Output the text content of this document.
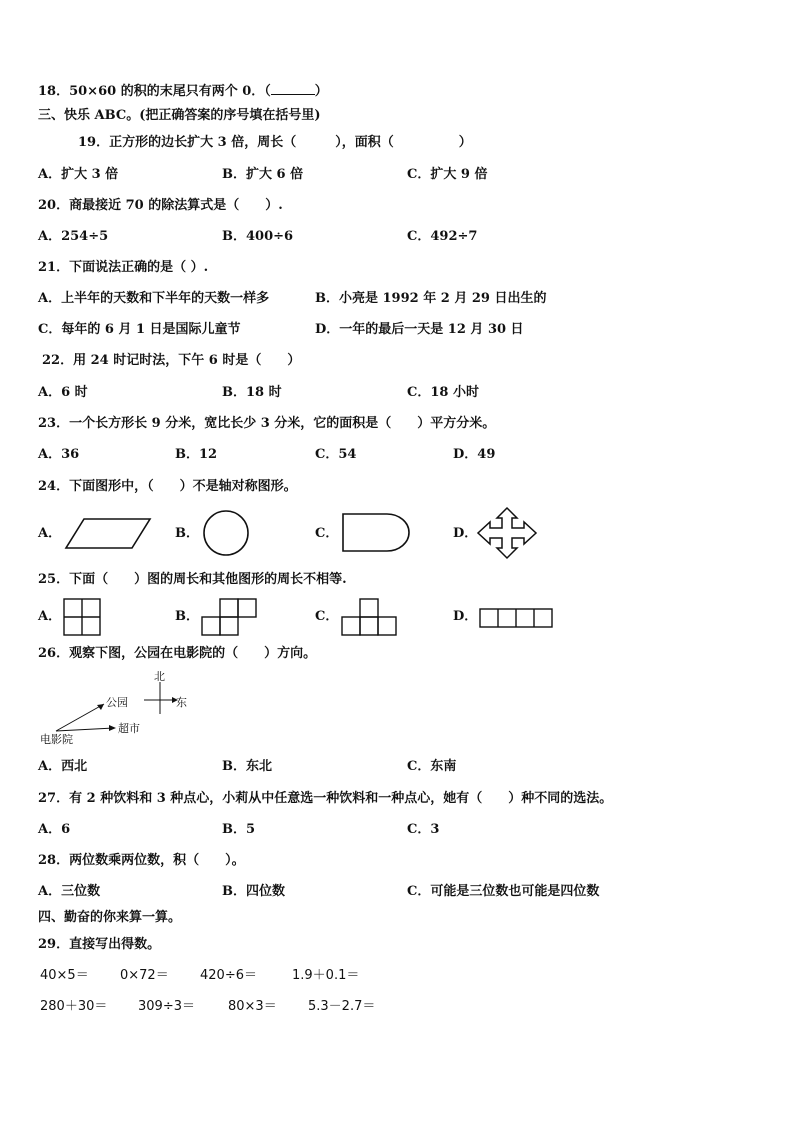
18．50×60 的积的末尾只有两个 0．（	）
三、快乐 ABC。(把正确答案的序号填在括号里)
19．正方形的边长扩大 3 倍，周长（　　　），面积（　　　　　）
A．扩大 3 倍	B．扩大 6 倍	C．扩大 9 倍
20．商最接近 70 的除法算式是（　　）.
A．254÷5	B．400÷6	C．492÷7
21．下面说法正确的是（ ）.
A．上半年的天数和下半年的天数一样多	B．小亮是 1992 年 2 月 29 日出生的
C．每年的 6 月 1 日是国际儿童节	D．一年的最后一天是 12 月 30 日
22．用 24 时记时法，下午 6 时是（　　）
A．6 时	B．18 时	C．18 小时
23．一个长方形长 9 分米，宽比长少 3 分米，它的面积是（　　）平方分米。
A．36	B．12	C．54	D．49
24．下面图形中，（　　）不是轴对称图形。
A．	B．	C．	D．
25．下面（　　）图的周长和其他图形的周长不相等.
A．	B．	C．	D．
26．观察下图，公园在电影院的（　　）方向。
北
东
公园
超市
电影院
A．西北	B．东北	C．东南
27．有 2 种饮料和 3 种点心，小莉从中任意选一种饮料和一种点心，她有（　　）种不同的选法。
A．6	B．5	C．3
28．两位数乘两位数，积（　　）。
A．三位数	B．四位数	C．可能是三位数也可能是四位数
四、勤奋的你来算一算。
29．直接写出得数。
40×5＝ 0×72＝ 420÷6＝	1.9＋0.1＝
280＋30＝ 309÷3＝	80×3＝ 5.3－2.7＝
